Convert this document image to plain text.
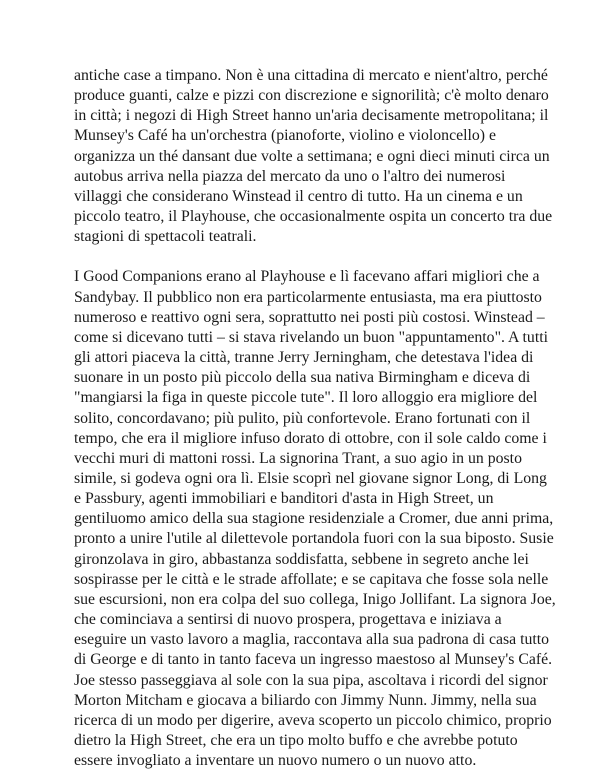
antiche case a timpano. Non è una cittadina di mercato e nient'altro, perché
produce guanti, calze e pizzi con discrezione e signorilità; c'è molto denaro
in città; i negozi di High Street hanno un'aria decisamente metropolitana; il
Munsey's Café ha un'orchestra (pianoforte, violino e violoncello) e
organizza un thé dansant due volte a settimana; e ogni dieci minuti circa un
autobus arriva nella piazza del mercato da uno o l'altro dei numerosi
villaggi che considerano Winstead il centro di tutto. Ha un cinema e un
piccolo teatro, il Playhouse, che occasionalmente ospita un concerto tra due
stagioni di spettacoli teatrali.
I Good Companions erano al Playhouse e lì facevano affari migliori che a
Sandybay. Il pubblico non era particolarmente entusiasta, ma era piuttosto
numeroso e reattivo ogni sera, soprattutto nei posti più costosi. Winstead –
come si dicevano tutti – si stava rivelando un buon "appuntamento". A tutti
gli attori piaceva la città, tranne Jerry Jerningham, che detestava l'idea di
suonare in un posto più piccolo della sua nativa Birmingham e diceva di
"mangiarsi la figa in queste piccole tute". Il loro alloggio era migliore del
solito, concordavano; più pulito, più confortevole. Erano fortunati con il
tempo, che era il migliore infuso dorato di ottobre, con il sole caldo come i
vecchi muri di mattoni rossi. La signorina Trant, a suo agio in un posto
simile, si godeva ogni ora lì. Elsie scoprì nel giovane signor Long, di Long
e Passbury, agenti immobiliari e banditori d'asta in High Street, un
gentiluomo amico della sua stagione residenziale a Cromer, due anni prima,
pronto a unire l'utile al dilettevole portandola fuori con la sua biposto. Susie
gironzolava in giro, abbastanza soddisfatta, sebbene in segreto anche lei
sospirasse per le città e le strade affollate; e se capitava che fosse sola nelle
sue escursioni, non era colpa del suo collega, Inigo Jollifant. La signora Joe,
che cominciava a sentirsi di nuovo prospera, progettava e iniziava a
eseguire un vasto lavoro a maglia, raccontava alla sua padrona di casa tutto
di George e di tanto in tanto faceva un ingresso maestoso al Munsey's Café.
Joe stesso passeggiava al sole con la sua pipa, ascoltava i ricordi del signor
Morton Mitcham e giocava a biliardo con Jimmy Nunn. Jimmy, nella sua
ricerca di un modo per digerire, aveva scoperto un piccolo chimico, proprio
dietro la High Street, che era un tipo molto buffo e che avrebbe potuto
essere invogliato a inventare un nuovo numero o un nuovo atto.
